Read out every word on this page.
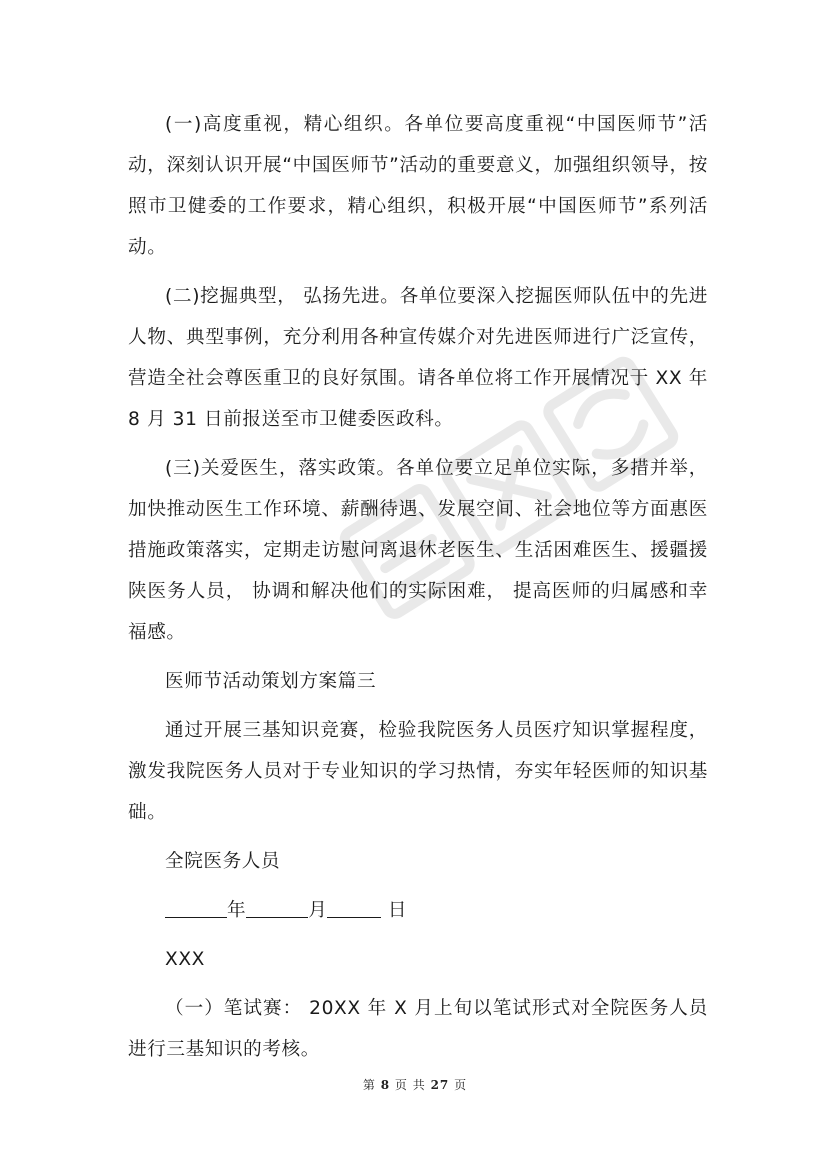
(一)高度重视，精心组织。各单位要高度重视“中国医师节”活动，深刻认识开展“中国医师节”活动的重要意义，加强组织领导，按照市卫健委的工作要求，精心组织，积极开展“中国医师节”系列活动。

(二)挖掘典型， 弘扬先进。各单位要深入挖掘医师队伍中的先进人物、典型事例，充分利用各种宣传媒介对先进医师进行广泛宣传，营造全社会尊医重卫的良好氛围。请各单位将工作开展情况于 XX 年 8 月 31 日前报送至市卫健委医政科。

(三)关爱医生，落实政策。各单位要立足单位实际，多措并举，加快推动医生工作环境、薪酬待遇、发展空间、社会地位等方面惠医措施政策落实，定期走访慰问离退休老医生、生活困难医生、援疆援陕医务人员， 协调和解决他们的实际困难， 提高医师的归属感和幸福感。

医师节活动策划方案篇三

通过开展三基知识竞赛，检验我院医务人员医疗知识掌握程度，激发我院医务人员对于专业知识的学习热情，夯实年轻医师的知识基础。

全院医务人员

年	月	日

XXX

（一）笔试赛： 20XX 年 X 月上旬以笔试形式对全院医务人员进行三基知识的考核。

第 8 页 共 27 页
